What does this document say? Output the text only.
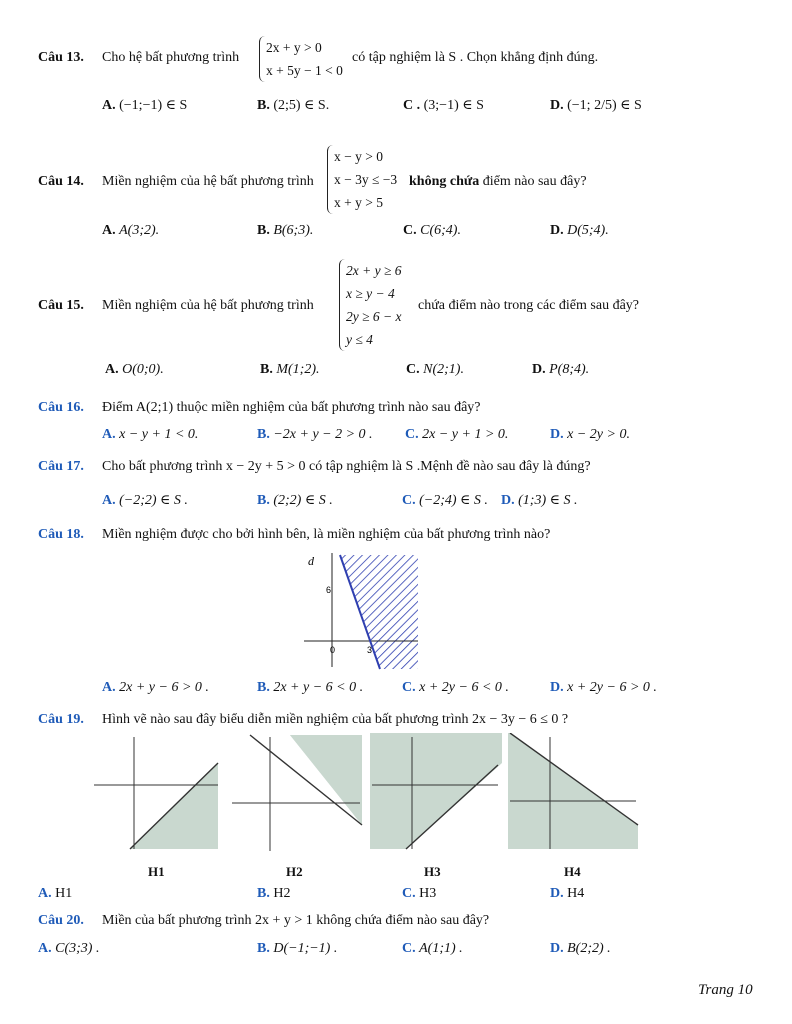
Câu 13. Cho hệ bất phương trình
2x + y > 0
x + 5y − 1 < 0
có tập nghiệm là S . Chọn khẳng định đúng.
A. (−1;−1) ∈ S	B. (2;5) ∈ S.	C . (3;−1) ∈ S	D. (−1; 2/5) ∈ S
Câu 14. Miền nghiệm của hệ bất phương trình
x − y > 0
x − 3y ≤ −3
x + y > 5
không chứa điểm nào sau đây?
A. A(3;2).	B. B(6;3).	C. C(6;4).	D. D(5;4).
Câu 15. Miền nghiệm của hệ bất phương trình
2x + y ≥ 6
x ≥ y − 4
2y ≥ 6 − x
y ≤ 4
chứa điểm nào trong các điểm sau đây?
A. O(0;0).	B. M(1;2).	C. N(2;1).	D. P(8;4).
Câu 16. Điểm A(2;1) thuộc miền nghiệm của bất phương trình nào sau đây?
A. x − y + 1 < 0.	B. −2x + y − 2 > 0 . C. 2x − y + 1 > 0.	D. x − 2y > 0.
Câu 17. Cho bất phương trình x − 2y + 5 > 0 có tập nghiệm là S .Mệnh đề nào sau đây là đúng?
A. (−2;2) ∈ S .	B. (2;2) ∈ S .	C. (−2;4) ∈ S . D. (1;3) ∈ S .
Câu 18. Miền nghiệm được cho bởi hình bên, là miền nghiệm của bất phương trình nào?
d
6
0	3
A. 2x + y − 6 > 0 .	B. 2x + y − 6 < 0 .	C. x + 2y − 6 < 0 .	D. x + 2y − 6 > 0 .
Câu 19. Hình vẽ nào sau đây biểu diễn miền nghiệm của bất phương trình 2x − 3y − 6 ≤ 0 ?
H1	H2	H3	H4
A. H1	B. H2	C. H3	D. H4
Câu 20. Miền của bất phương trình 2x + y > 1 không chứa điểm nào sau đây?
A. C(3;3) .	B. D(−1;−1) .	C. A(1;1) .	D. B(2;2) .
Trang 10
